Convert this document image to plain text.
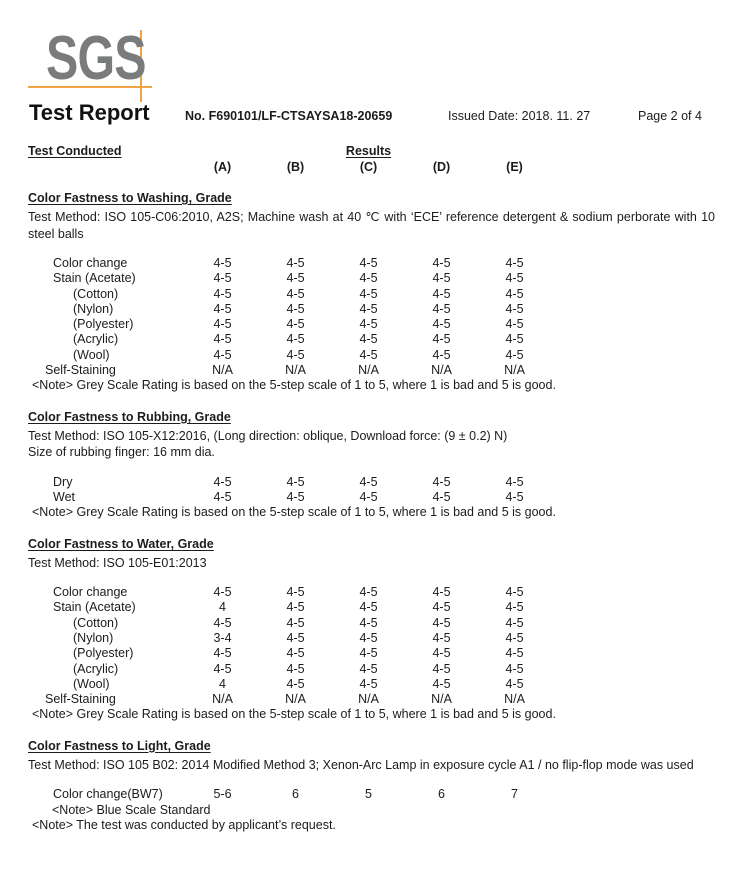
SGS
Test Report	No. F690101/LF-CTSAYSA18-20659	Issued Date: 2018. 11. 27	Page 2 of 4
Test Conducted	Results
(A)	(B)	(C)	(D)	(E)
Color Fastness to Washing, Grade
Test Method: ISO 105-C06:2010, A2S; Machine wash at 40 ℃ with ‘ECE’ reference detergent & sodium perborate with 10 steel balls
Color change	4-5	4-5	4-5	4-5	4-5
Stain (Acetate)	4-5	4-5	4-5	4-5	4-5
(Cotton)	4-5	4-5	4-5	4-5	4-5
(Nylon)	4-5	4-5	4-5	4-5	4-5
(Polyester)	4-5	4-5	4-5	4-5	4-5
(Acrylic)	4-5	4-5	4-5	4-5	4-5
(Wool)	4-5	4-5	4-5	4-5	4-5
Self-Staining	N/A	N/A	N/A	N/A	N/A
<Note> Grey Scale Rating is based on the 5-step scale of 1 to 5, where 1 is bad and 5 is good.
Color Fastness to Rubbing, Grade
Test Method: ISO 105-X12:2016, (Long direction: oblique, Download force: (9 ± 0.2) N)
Size of rubbing finger: 16 mm dia.
Dry	4-5	4-5	4-5	4-5	4-5
Wet	4-5	4-5	4-5	4-5	4-5
<Note> Grey Scale Rating is based on the 5-step scale of 1 to 5, where 1 is bad and 5 is good.
Color Fastness to Water, Grade
Test Method: ISO 105-E01:2013
Color change	4-5	4-5	4-5	4-5	4-5
Stain (Acetate)	4	4-5	4-5	4-5	4-5
(Cotton)	4-5	4-5	4-5	4-5	4-5
(Nylon)	3-4	4-5	4-5	4-5	4-5
(Polyester)	4-5	4-5	4-5	4-5	4-5
(Acrylic)	4-5	4-5	4-5	4-5	4-5
(Wool)	4	4-5	4-5	4-5	4-5
Self-Staining	N/A	N/A	N/A	N/A	N/A
<Note> Grey Scale Rating is based on the 5-step scale of 1 to 5, where 1 is bad and 5 is good.
Color Fastness to Light, Grade
Test Method: ISO 105 B02: 2014 Modified Method 3; Xenon-Arc Lamp in exposure cycle A1 / no flip-flop mode was used
Color change(BW7)	5-6	6	5	6	7
<Note> Blue Scale Standard
<Note> The test was conducted by applicant’s request.
